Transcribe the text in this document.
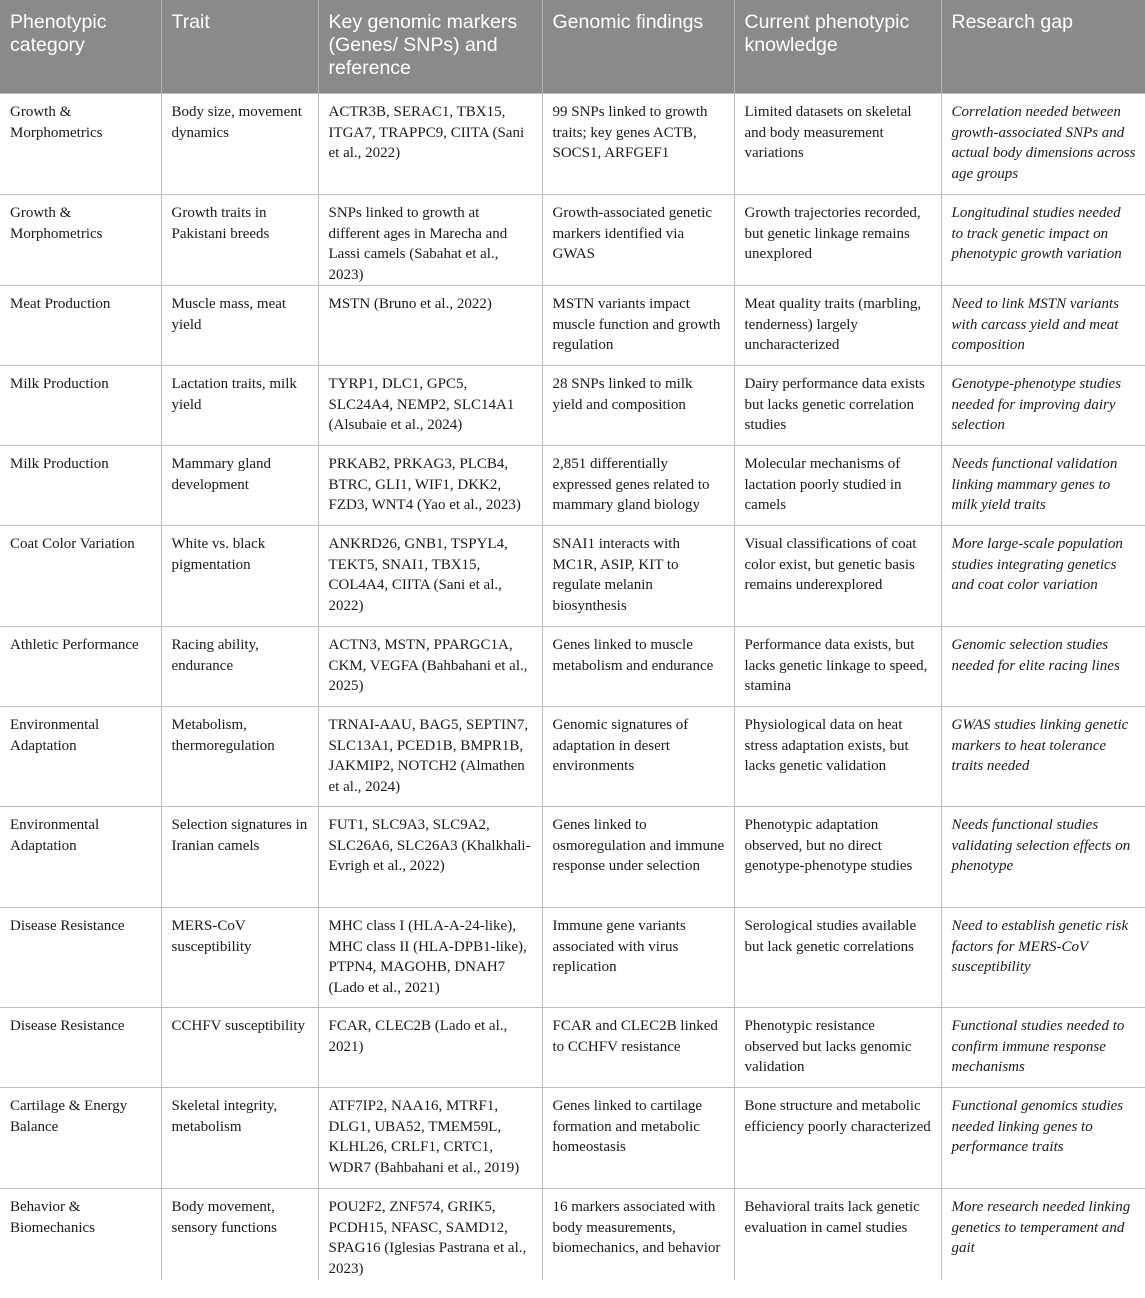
Phenotypic category	Trait	Key genomic markers (Genes/ SNPs) and reference	Genomic findings	Current phenotypic knowledge	Research gap
Growth & Morphometrics	Body size, movement dynamics	ACTR3B, SERAC1, TBX15, ITGA7, TRAPPC9, CIITA (Sani et al., 2022)	99 SNPs linked to growth traits; key genes ACTB, SOCS1, ARFGEF1	Limited datasets on skeletal and body measurement variations	Correlation needed between growth-associated SNPs and actual body dimensions across age groups
Growth & Morphometrics	Growth traits in Pakistani breeds	SNPs linked to growth at different ages in Marecha and Lassi camels (Sabahat et al., 2023)	Growth-associated genetic markers identified via GWAS	Growth trajectories recorded, but genetic linkage remains unexplored	Longitudinal studies needed to track genetic impact on phenotypic growth variation
Meat Production	Muscle mass, meat yield	MSTN (Bruno et al., 2022)	MSTN variants impact muscle function and growth regulation	Meat quality traits (marbling, tenderness) largely uncharacterized	Need to link MSTN variants with carcass yield and meat composition
Milk Production	Lactation traits, milk yield	TYRP1, DLC1, GPC5, SLC24A4, NEMP2, SLC14A1 (Alsubaie et al., 2024)	28 SNPs linked to milk yield and composition	Dairy performance data exists but lacks genetic correlation studies	Genotype-phenotype studies needed for improving dairy selection
Milk Production	Mammary gland development	PRKAB2, PRKAG3, PLCB4, BTRC, GLI1, WIF1, DKK2, FZD3, WNT4 (Yao et al., 2023)	2,851 differentially expressed genes related to mammary gland biology	Molecular mechanisms of lactation poorly studied in camels	Needs functional validation linking mammary genes to milk yield traits
Coat Color Variation	White vs. black pigmentation	ANKRD26, GNB1, TSPYL4, TEKT5, SNAI1, TBX15, COL4A4, CIITA (Sani et al., 2022)	SNAI1 interacts with MC1R, ASIP, KIT to regulate melanin biosynthesis	Visual classifications of coat color exist, but genetic basis remains underexplored	More large-scale population studies integrating genetics and coat color variation
Athletic Performance	Racing ability, endurance	ACTN3, MSTN, PPARGC1A, CKM, VEGFA (Bahbahani et al., 2025)	Genes linked to muscle metabolism and endurance	Performance data exists, but lacks genetic linkage to speed, stamina	Genomic selection studies needed for elite racing lines
Environmental Adaptation	Metabolism, thermoregulation	TRNAI-AAU, BAG5, SEPTIN7, SLC13A1, PCED1B, BMPR1B, JAKMIP2, NOTCH2 (Almathen et al., 2024)	Genomic signatures of adaptation in desert environments	Physiological data on heat stress adaptation exists, but lacks genetic validation	GWAS studies linking genetic markers to heat tolerance traits needed
Environmental Adaptation	Selection signatures in Iranian camels	FUT1, SLC9A3, SLC9A2, SLC26A6, SLC26A3 (Khalkhali-Evrigh et al., 2022)	Genes linked to osmoregulation and immune response under selection	Phenotypic adaptation observed, but no direct genotype-phenotype studies	Needs functional studies validating selection effects on phenotype
Disease Resistance	MERS-CoV susceptibility	MHC class I (HLA-A-24-like), MHC class II (HLA-DPB1-like), PTPN4, MAGOHB, DNAH7 (Lado et al., 2021)	Immune gene variants associated with virus replication	Serological studies available but lack genetic correlations	Need to establish genetic risk factors for MERS-CoV susceptibility
Disease Resistance	CCHFV susceptibility	FCAR, CLEC2B (Lado et al., 2021)	FCAR and CLEC2B linked to CCHFV resistance	Phenotypic resistance observed but lacks genomic validation	Functional studies needed to confirm immune response mechanisms
Cartilage & Energy Balance	Skeletal integrity, metabolism	ATF7IP2, NAA16, MTRF1, DLG1, UBA52, TMEM59L, KLHL26, CRLF1, CRTC1, WDR7 (Bahbahani et al., 2019)	Genes linked to cartilage formation and metabolic homeostasis	Bone structure and metabolic efficiency poorly characterized	Functional genomics studies needed linking genes to performance traits
Behavior & Biomechanics	Body movement, sensory functions	POU2F2, ZNF574, GRIK5, PCDH15, NFASC, SAMD12, SPAG16 (Iglesias Pastrana et al., 2023)	16 markers associated with body measurements, biomechanics, and behavior	Behavioral traits lack genetic evaluation in camel studies	More research needed linking genetics to temperament and gait
